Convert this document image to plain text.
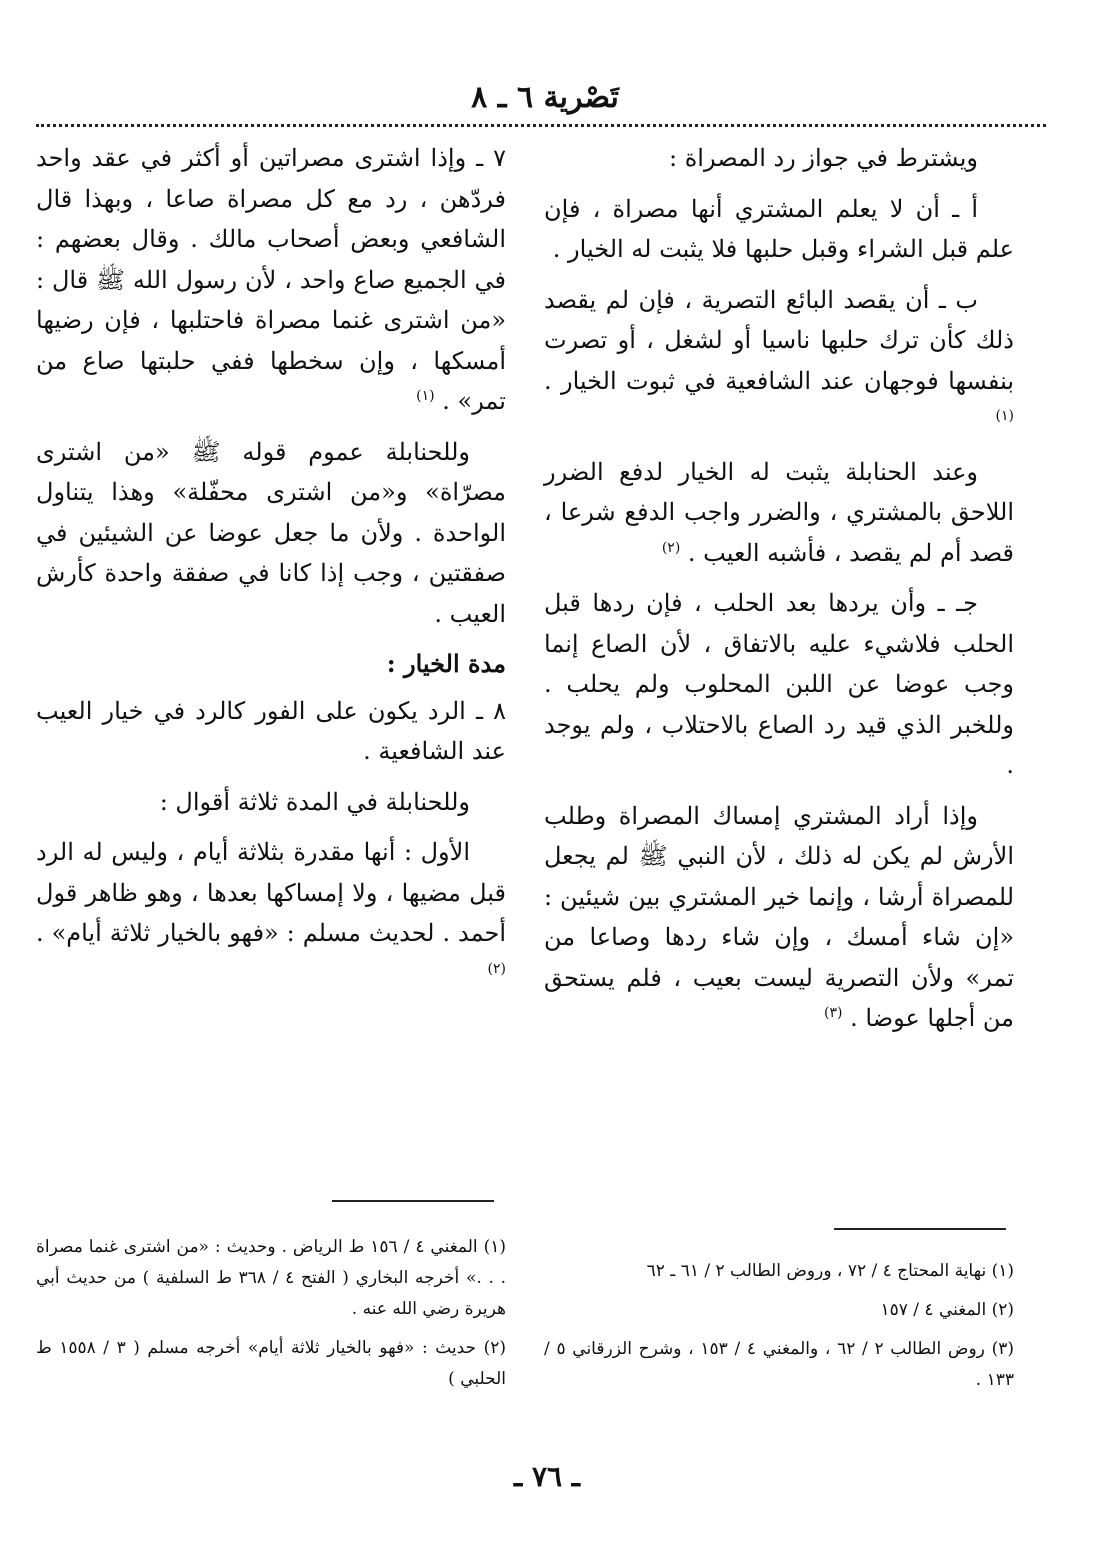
تَصْرية ٦ ـ ٨

ويشترط في جواز رد المصراة :

أ ـ أن لا يعلم المشتري أنها مصراة ، فإن علم قبل الشراء وقبل حلبها فلا يثبت له الخيار .

ب ـ أن يقصد البائع التصرية ، فإن لم يقصد ذلك كأن ترك حلبها ناسيا أو لشغل ، أو تصرت بنفسها فوجهان عند الشافعية في ثبوت الخيار . $^{(١)}$

وعند الحنابلة يثبت له الخيار لدفع الضرر اللاحق بالمشتري ، والضرر واجب الدفع شرعا ، قصد أم لم يقصد ، فأشبه العيب . $^{(٢)}$

جـ ـ وأن يردها بعد الحلب ، فإن ردها قبل الحلب فلاشيء عليه بالاتفاق ، لأن الصاع إنما وجب عوضا عن اللبن المحلوب ولم يحلب . وللخبر الذي قيد رد الصاع بالاحتلاب ، ولم يوجد .

وإذا أراد المشتري إمساك المصراة وطلب الأرش لم يكن له ذلك ، لأن النبي ﷺ لم يجعل للمصراة أرشا ، وإنما خير المشتري بين شيئين : «إن شاء أمسك ، وإن شاء ردها وصاعا من تمر» ولأن التصرية ليست بعيب ، فلم يستحق من أجلها عوضا . $^{(٣)}$

٧ ـ وإذا اشترى مصراتين أو أكثر في عقد واحد فردّهن ، رد مع كل مصراة صاعا ، وبهذا قال الشافعي وبعض أصحاب مالك . وقال بعضهم : في الجميع صاع واحد ، لأن رسول الله ﷺ قال : «من اشترى غنما مصراة فاحتلبها ، فإن رضيها أمسكها ، وإن سخطها ففي حلبتها صاع من تمر» . $^{(١)}$

وللحنابلة عموم قوله ﷺ «من اشترى مصرّاة» و«من اشترى محفّلة» وهذا يتناول الواحدة . ولأن ما جعل عوضا عن الشيئين في صفقتين ، وجب إذا كانا في صفقة واحدة كأرش العيب .

مدة الخيار :

٨ ـ الرد يكون على الفور كالرد في خيار العيب عند الشافعية .

وللحنابلة في المدة ثلاثة أقوال :

الأول : أنها مقدرة بثلاثة أيام ، وليس له الرد قبل مضيها ، ولا إمساكها بعدها ، وهو ظاهر قول أحمد . لحديث مسلم : «فهو بالخيار ثلاثة أيام» . $^{(٢)}$

(١) نهاية المحتاج ٤ / ٧٢ ، وروض الطالب ٢ / ٦١ ـ ٦٢

(٢) المغني ٤ / ١٥٧

(٣) روض الطالب ٢ / ٦٢ ، والمغني ٤ / ١٥٣ ، وشرح الزرقاني ٥ / ١٣٣ .

(١) المغني ٤ / ١٥٦ ط الرياض . وحديث : «من اشترى غنما مصراة . . .» أخرجه البخاري ( الفتح ٤ / ٣٦٨ ط السلفية ) من حديث أبي هريرة رضي الله عنه .

(٢) حديث : «فهو بالخيار ثلاثة أيام» أخرجه مسلم ( ٣ / ١٥٥٨ ط الحلبي )

ـ ٧٦ ـ
